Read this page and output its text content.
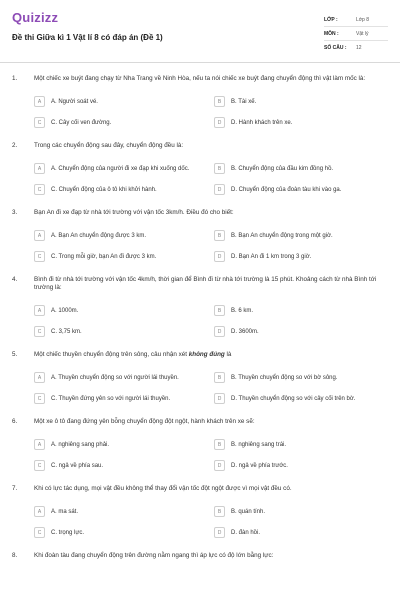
Quizizz
Đề thi Giữa kì 1 Vật lí 8 có đáp án (Đề 1)
LỚP :	Lớp 8
MÔN :	Vật lý
SỐ CÂU :	12
1.	Một chiếc xe buýt đang chạy từ Nha Trang về Ninh Hòa, nếu ta nói chiếc xe buýt đang chuyển động thì vật làm mốc là:
A	A. Người soát vé.	B	B. Tài xế.
C	C. Cây cối ven đường.	D	D. Hành khách trên xe.
2.	Trong các chuyển động sau đây, chuyển động đều là:
A	A. Chuyển động của người đi xe đạp khi xuống dốc.	B	B. Chuyển động của đầu kim đồng hồ.
C	C. Chuyển động của ô tô khi khởi hành.	D	D. Chuyển động của đoàn tàu khi vào ga.
3.	Bạn An đi xe đạp từ nhà tới trường với vận tốc 3km/h. Điều đó cho biết:
A	A. Bạn An chuyển động được 3 km.	B	B. Bạn An chuyển động trong một giờ.
C	C. Trong mỗi giờ, bạn An đi được 3 km.	D	D. Bạn An đi 1 km trong 3 giờ.
4.	Bình đi từ nhà tới trường với vận tốc 4km/h, thời gian để Bình đi từ nhà tới trường là 15 phút. Khoảng cách từ nhà Bình tới trường là:
A	A. 1000m.	B	B. 6 km.
C	C. 3,75 km.	D	D. 3600m.
5.	Một chiếc thuyền chuyển động trên sông, câu nhận xét không đúng là
A	A. Thuyền chuyển động so với người lái thuyền.	B	B. Thuyền chuyển động so với bờ sông.
C	C. Thuyền đứng yên so với người lái thuyền.	D	D. Thuyền chuyển động so với cây cối trên bờ.
6.	Một xe ô tô đang đứng yên bỗng chuyển động đột ngột, hành khách trên xe sẽ:
A	A. nghiêng sang phải.	B	B. nghiêng sang trái.
C	C. ngả về phía sau.	D	D. ngả về phía trước.
7.	Khi có lực tác dụng, mọi vật đều không thể thay đổi vận tốc đột ngột được vì mọi vật đều có.
A	A. ma sát.	B	B. quán tính.
C	C. trọng lực.	D	D. đàn hồi.
8.	Khi đoàn tàu đang chuyển động trên đường nằm ngang thì áp lực có độ lớn bằng lực:
